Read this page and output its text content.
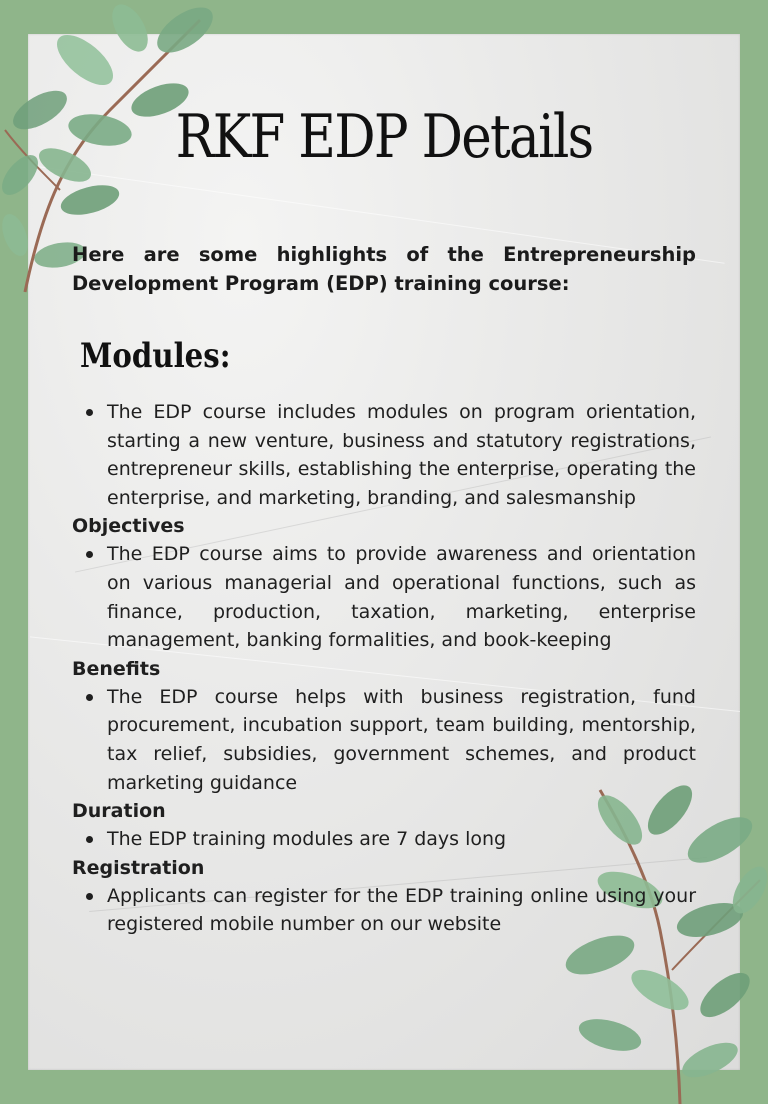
RKF EDP Details
Here are some highlights of the Entrepreneurship Development Program (EDP) training course:
Modules:
The EDP course includes modules on program orientation, starting a new venture, business and statutory registrations, entrepreneur skills, establishing the enterprise, operating the enterprise, and marketing, branding, and salesmanship
Objectives
The EDP course aims to provide awareness and orientation on various managerial and operational functions, such as finance, production, taxation, marketing, enterprise management, banking formalities, and book-keeping
Benefits
The EDP course helps with business registration, fund procurement, incubation support, team building, mentorship, tax relief, subsidies, government schemes, and product marketing guidance
Duration
The EDP training modules are 7 days long
Registration
Applicants can register for the EDP training online using your registered mobile number on our website
